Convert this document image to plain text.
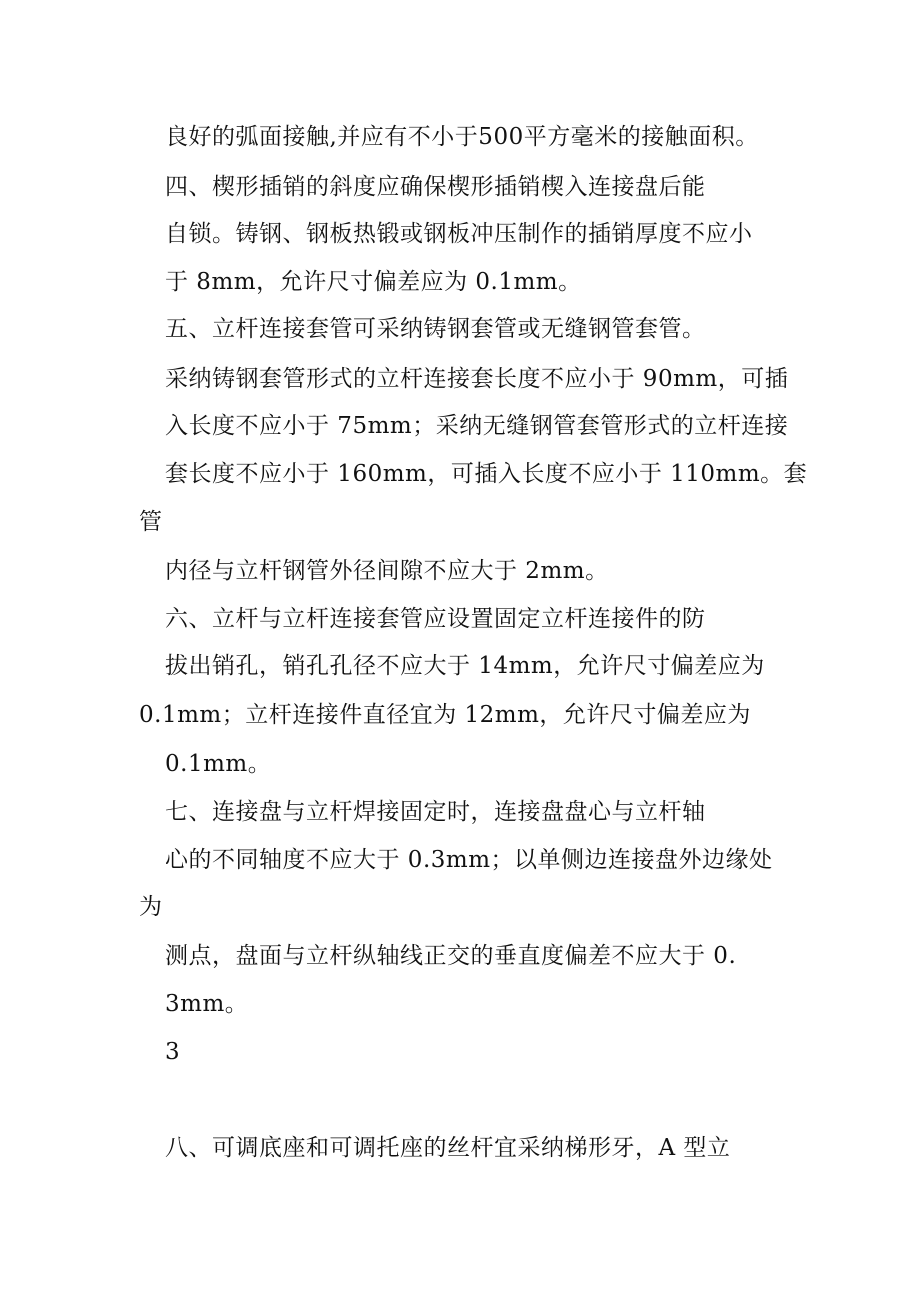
良好的弧面接触,并应有不小于500平方毫米的接触面积。
四、楔形插销的斜度应确保楔形插销楔入连接盘后能
自锁。铸钢、钢板热锻或钢板冲压制作的插销厚度不应小
于 8mm，允许尺寸偏差应为 0.1mm。
五、立杆连接套管可采纳铸钢套管或无缝钢管套管。
采纳铸钢套管形式的立杆连接套长度不应小于 90mm，可插
入长度不应小于 75mm；采纳无缝钢管套管形式的立杆连接
套长度不应小于 160mm，可插入长度不应小于 110mm。套
管
内径与立杆钢管外径间隙不应大于 2mm。
六、立杆与立杆连接套管应设置固定立杆连接件的防
拔出销孔，销孔孔径不应大于 14mm，允许尺寸偏差应为
0.1mm；立杆连接件直径宜为 12mm，允许尺寸偏差应为
0.1mm。
七、连接盘与立杆焊接固定时，连接盘盘心与立杆轴
心的不同轴度不应大于 0.3mm；以单侧边连接盘外边缘处
为
测点，盘面与立杆纵轴线正交的垂直度偏差不应大于 0.
3mm。
3
八、可调底座和可调托座的丝杆宜采纳梯形牙，A 型立
